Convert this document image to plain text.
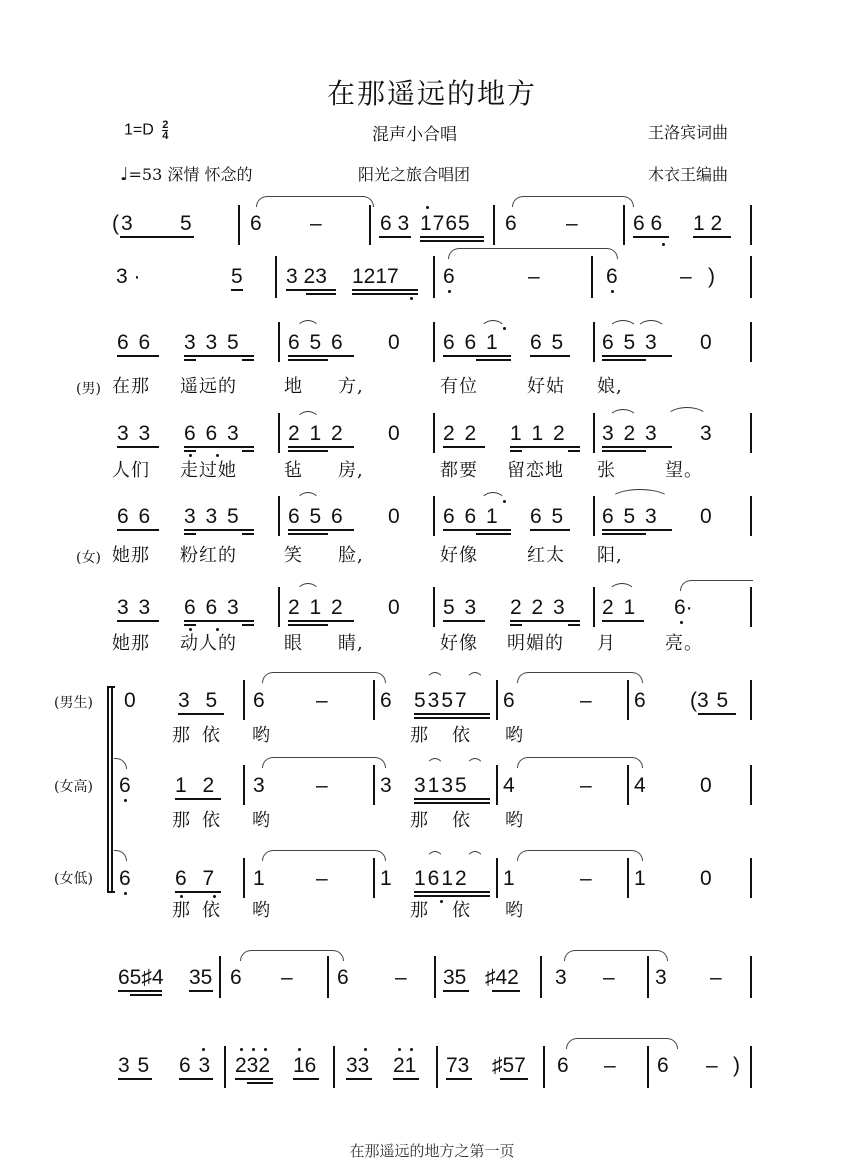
在那遥远的地方
$1=D \frac{2}{4}$	混声小合唱	王洛宾词曲
♩=53 深情 怀念的	阳光之旅合唱团	木衣王编曲
( 3 5	6 –	6 3 1765 6 –	6 6 1 2
3 ·	5 3 23 1217 6	–	6	– )
6 6 3 3 5 6 5 6 0 6 6 1 6 5 6 5 3 0
(男) 在那 遥远的	地 方,	有位	好姑 娘,
3 3 6 6 3 2 1 2 0 2 2 1 1 2 3 2 3 3
人们 走过她	毡 房,	都要 留恋地 张	望。
6 6 3 3 5 6 5 6 0 6 6 1 6 5 6 5 3 0
(女) 她那 粉红的	笑 脸,	好像	红太 阳,
3 3 6 6 3 2 1 2 0 5 3 2 2 3 2 1 6·
她那 动人的	眼 睛,	好像 明媚的 月	亮。
(男生) 0 3 5 6 – 6 5357 6	– 6 (3 5
那依 哟	那 依 哟
(女高) 6 1 2 3 – 3 3135 4	– 4	0
那依 哟	那 依 哟
(女低) 6 6 7 1 – 1 1612 1	– 1	0
那依 哟	那 依 哟
65♯4 35 6 – 6 – 35 ♯42 3 – 3 –
3 5 6 3 232 16 33 21 73 ♯57 6 – 6 – )
在那遥远的地方之第一页
